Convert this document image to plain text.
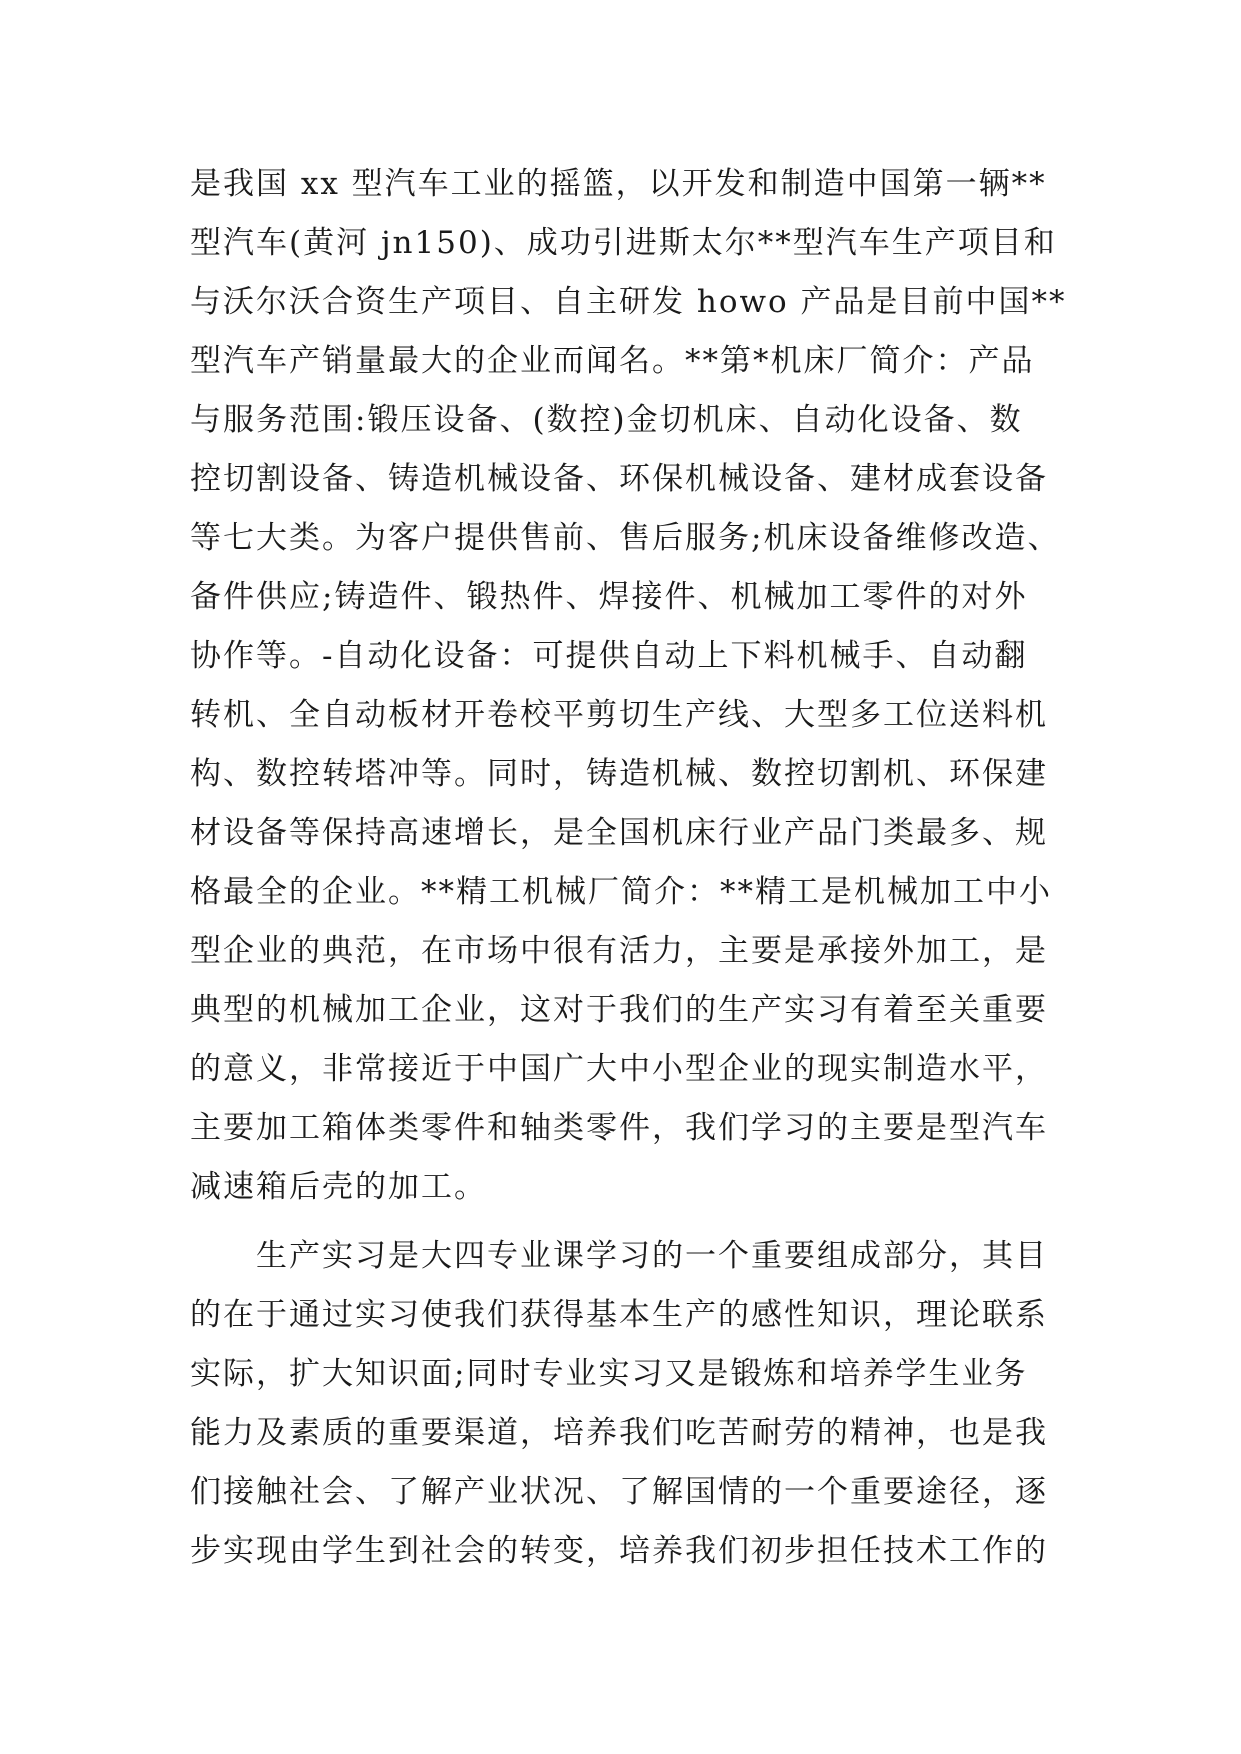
是我国 xx 型汽车工业的摇篮，以开发和制造中国第一辆**
型汽车(黄河 jn150)、成功引进斯太尔**型汽车生产项目和
与沃尔沃合资生产项目、自主研发 howo 产品是目前中国**
型汽车产销量最大的企业而闻名。**第*机床厂简介：产品
与服务范围:锻压设备、(数控)金切机床、自动化设备、数
控切割设备、铸造机械设备、环保机械设备、建材成套设备
等七大类。为客户提供售前、售后服务;机床设备维修改造、
备件供应;铸造件、锻热件、焊接件、机械加工零件的对外
协作等。-自动化设备：可提供自动上下料机械手、自动翻
转机、全自动板材开卷校平剪切生产线、大型多工位送料机
构、数控转塔冲等。同时，铸造机械、数控切割机、环保建
材设备等保持高速增长，是全国机床行业产品门类最多、规
格最全的企业。**精工机械厂简介：**精工是机械加工中小
型企业的典范，在市场中很有活力，主要是承接外加工，是
典型的机械加工企业，这对于我们的生产实习有着至关重要
的意义，非常接近于中国广大中小型企业的现实制造水平，
主要加工箱体类零件和轴类零件，我们学习的主要是型汽车
减速箱后壳的加工。
　　生产实习是大四专业课学习的一个重要组成部分，其目
的在于通过实习使我们获得基本生产的感性知识，理论联系
实际，扩大知识面;同时专业实习又是锻炼和培养学生业务
能力及素质的重要渠道，培养我们吃苦耐劳的精神，也是我
们接触社会、了解产业状况、了解国情的一个重要途径，逐
步实现由学生到社会的转变，培养我们初步担任技术工作的
